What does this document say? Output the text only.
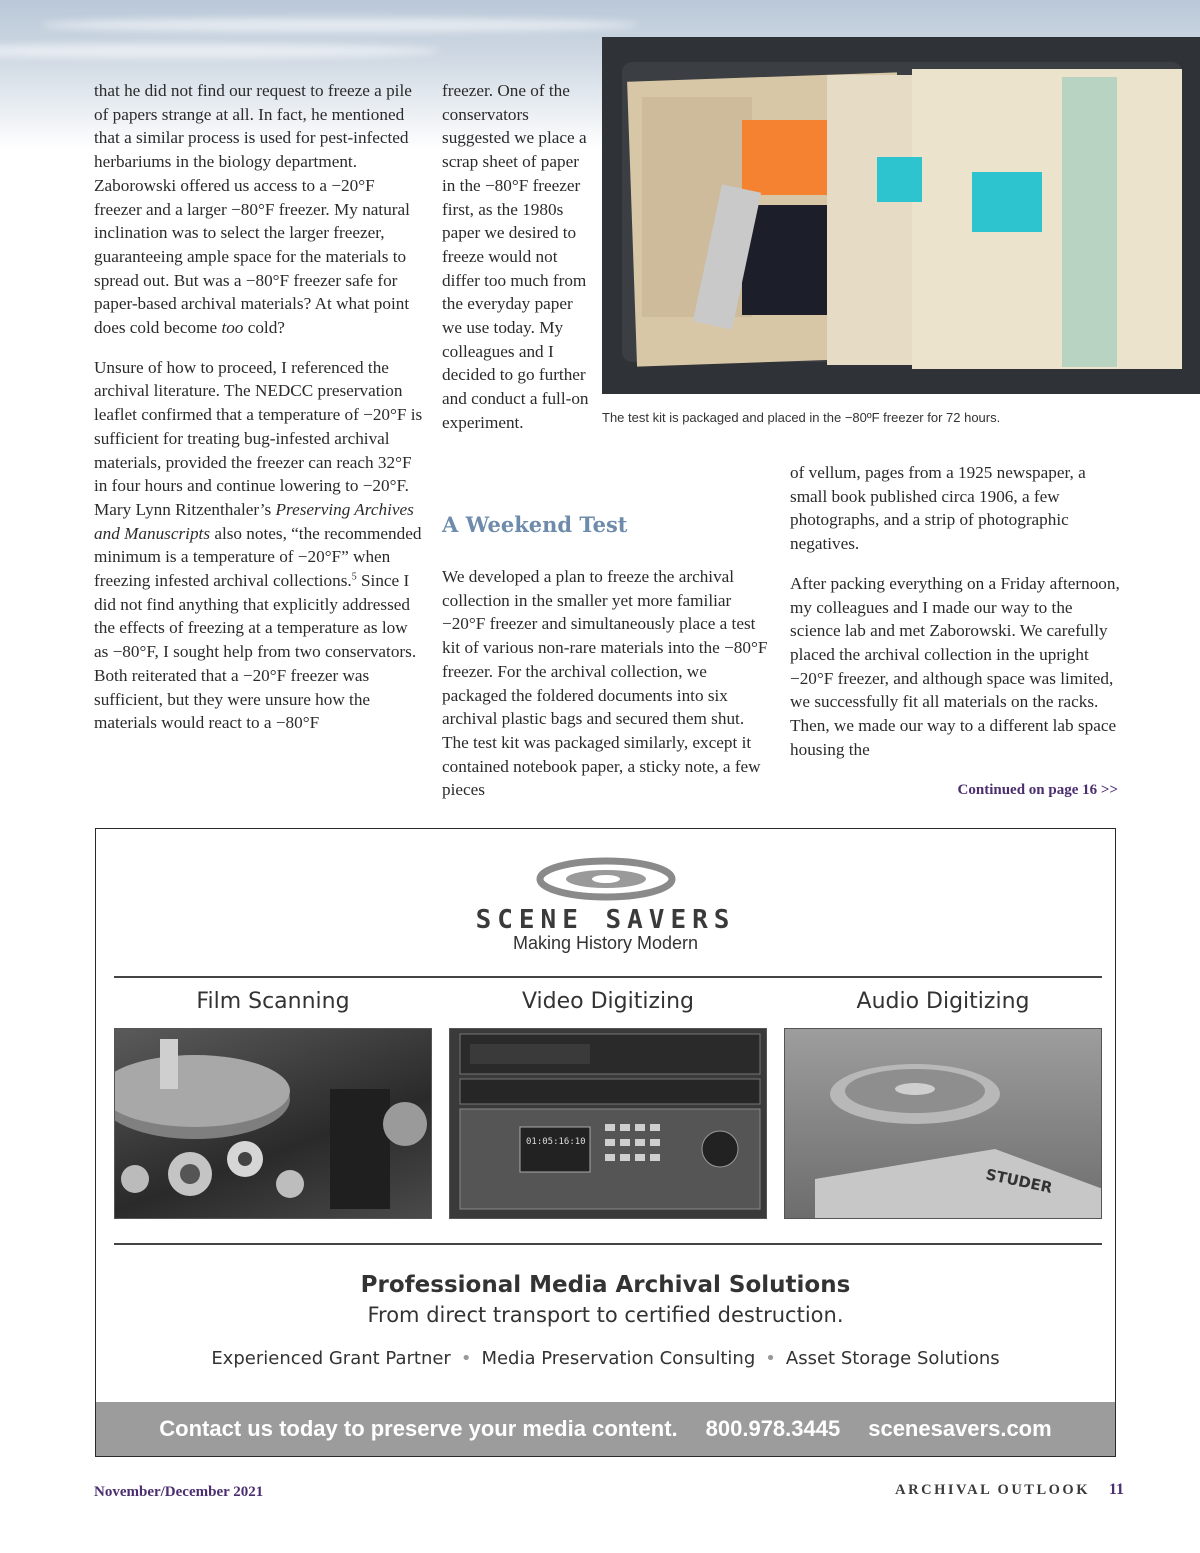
that he did not find our request to freeze a pile of papers strange at all. In fact, he mentioned that a similar process is used for pest-infected herbariums in the biology department. Zaborowski offered us access to a −20°F freezer and a larger −80°F freezer. My natural inclination was to select the larger freezer, guaranteeing ample space for the materials to spread out. But was a −80°F freezer safe for paper-based archival materials? At what point does cold become too cold?

Unsure of how to proceed, I referenced the archival literature. The NEDCC preservation leaflet confirmed that a temperature of −20°F is sufficient for treating bug-infested archival materials, provided the freezer can reach 32°F in four hours and continue lowering to −20°F. Mary Lynn Ritzenthaler’s Preserving Archives and Manuscripts also notes, “the recommended minimum is a temperature of −20°F” when freezing infested archival collections.$^5$ Since I did not find anything that explicitly addressed the effects of freezing at a temperature as low as −80°F, I sought help from two conservators. Both reiterated that a −20°F freezer was sufficient, but they were unsure how the materials would react to a −80°F

freezer. One of the conservators suggested we place a scrap sheet of paper in the −80°F freezer first, as the 1980s paper we desired to freeze would not differ too much from the everyday paper we use today. My colleagues and I decided to go further and conduct a full-on experiment.

A Weekend Test

We developed a plan to freeze the archival collection in the smaller yet more familiar −20°F freezer and simultaneously place a test kit of various non-rare materials into the −80°F freezer. For the archival collection, we packaged the foldered documents into six archival plastic bags and secured them shut. The test kit was packaged similarly, except it contained notebook paper, a sticky note, a few pieces

of vellum, pages from a 1925 newspaper, a small book published circa 1906, a few photographs, and a strip of photographic negatives.

After packing everything on a Friday afternoon, my colleagues and I made our way to the science lab and met Zaborowski. We carefully placed the archival collection in the upright −20°F freezer, and although space was limited, we successfully fit all materials on the racks. Then, we made our way to a different lab space housing the

Continued on page 16 >>
The test kit is packaged and placed in the −80ºF freezer for 72 hours.
SCENE SAVERS
Making History Modern
Film Scanning	Video Digitizing	Audio Digitizing
01:05:16:10
STUDER
Professional Media Archival Solutions
From direct transport to certified destruction.
Experienced Grant Partner • Media Preservation Consulting • Asset Storage Solutions
Contact us today to preserve your media content. 800.978.3445 scenesavers.com
November/December 2021	ARCHIVAL OUTLOOK 11
